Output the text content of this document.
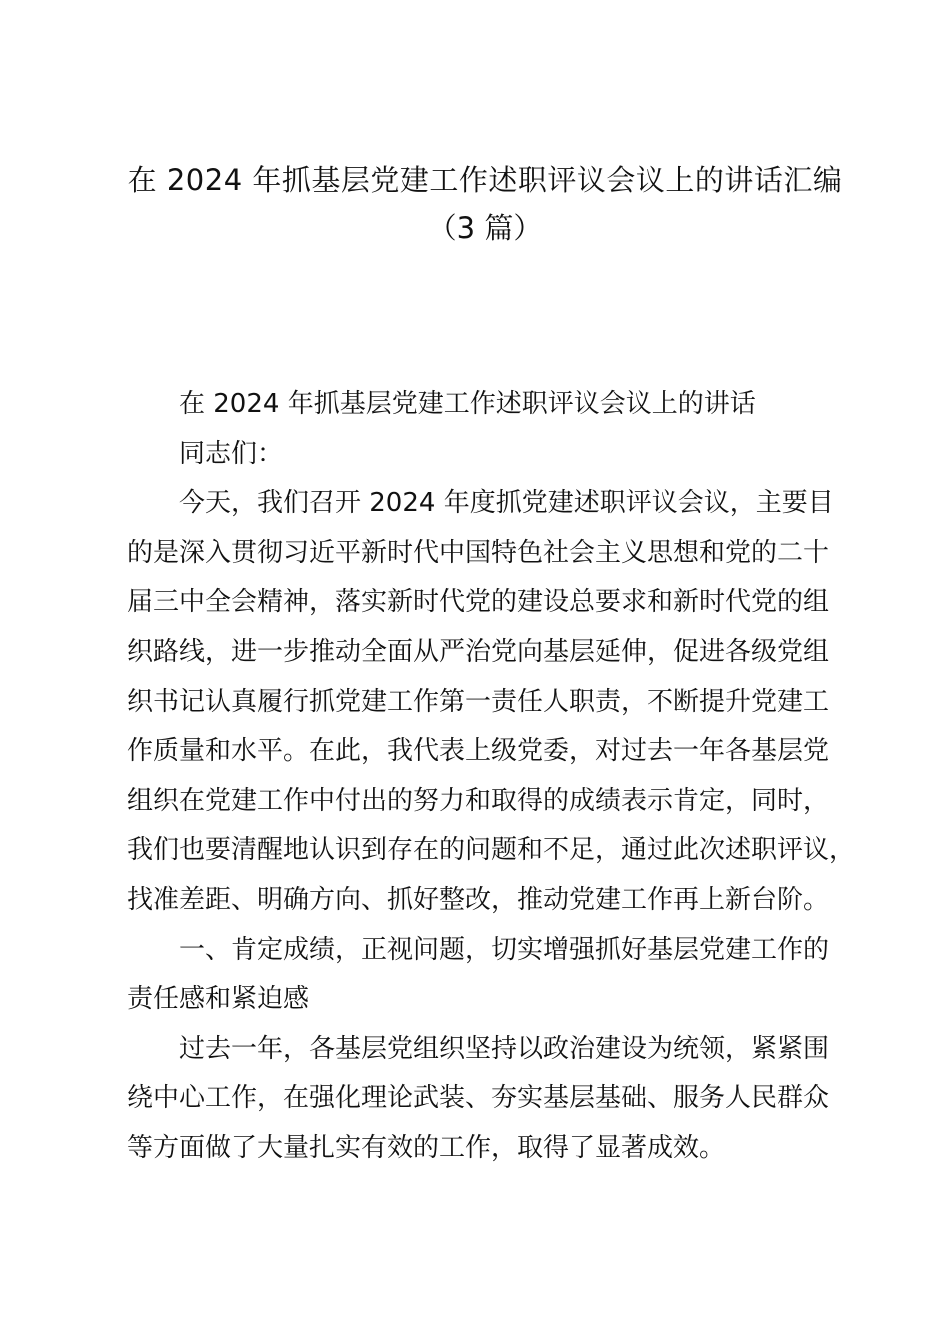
在 2024 年抓基层党建工作述职评议会议上的讲话汇编
（3 篇）
在 2024 年抓基层党建工作述职评议会议上的讲话
同志们：
今天，我们召开 2024 年度抓党建述职评议会议，主要目
的是深入贯彻习近平新时代中国特色社会主义思想和党的二十
届三中全会精神，落实新时代党的建设总要求和新时代党的组
织路线，进一步推动全面从严治党向基层延伸，促进各级党组
织书记认真履行抓党建工作第一责任人职责，不断提升党建工
作质量和水平。在此，我代表上级党委，对过去一年各基层党
组织在党建工作中付出的努力和取得的成绩表示肯定，同时，
我们也要清醒地认识到存在的问题和不足，通过此次述职评议，
找准差距、明确方向、抓好整改，推动党建工作再上新台阶。
一、肯定成绩，正视问题，切实增强抓好基层党建工作的
责任感和紧迫感
过去一年，各基层党组织坚持以政治建设为统领，紧紧围
绕中心工作，在强化理论武装、夯实基层基础、服务人民群众
等方面做了大量扎实有效的工作，取得了显著成效。
